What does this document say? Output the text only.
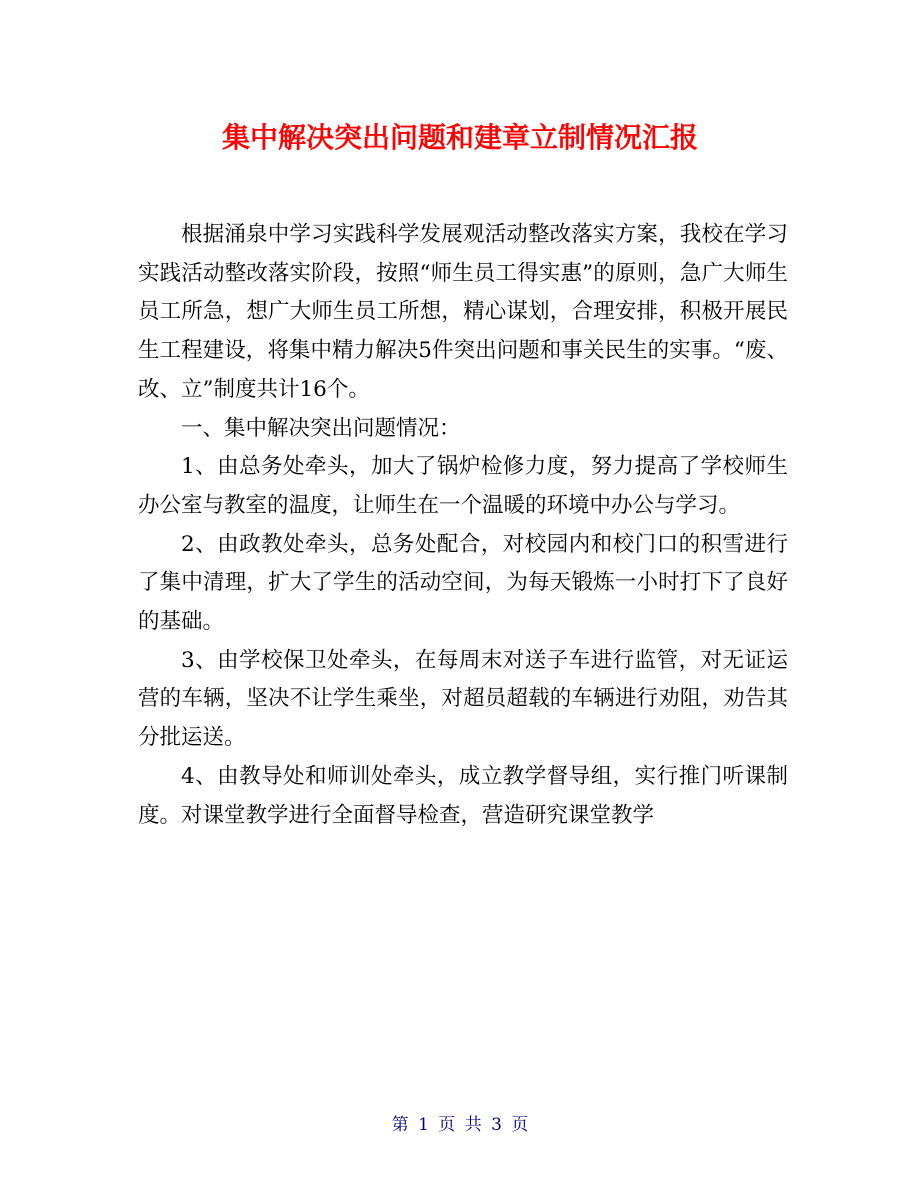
集中解决突出问题和建章立制情况汇报

根据涌泉中学习实践科学发展观活动整改落实方案，我校在学习实践活动整改落实阶段，按照“师生员工得实惠”的原则，急广大师生员工所急，想广大师生员工所想，精心谋划，合理安排，积极开展民生工程建设，将集中精力解决5件突出问题和事关民生的实事。“废、改、立”制度共计16个。

一、集中解决突出问题情况：

1、由总务处牵头，加大了锅炉检修力度，努力提高了学校师生办公室与教室的温度，让师生在一个温暖的环境中办公与学习。

2、由政教处牵头，总务处配合，对校园内和校门口的积雪进行了集中清理，扩大了学生的活动空间，为每天锻炼一小时打下了良好的基础。

3、由学校保卫处牵头，在每周末对送子车进行监管，对无证运营的车辆，坚决不让学生乘坐，对超员超载的车辆进行劝阻，劝告其分批运送。

4、由教导处和师训处牵头，成立教学督导组，实行推门听课制度。对课堂教学进行全面督导检查，营造研究课堂教学

第 1 页 共 3 页
